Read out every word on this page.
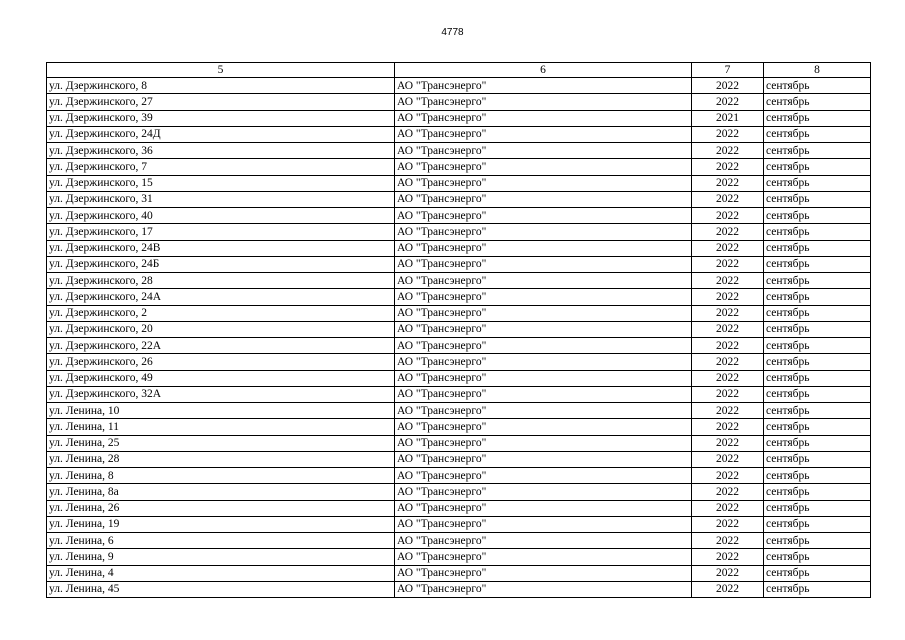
4778
5	6	7	8
ул. Дзержинского, 8	АО "Трансэнерго"	2022	сентябрь
ул. Дзержинского, 27	АО "Трансэнерго"	2022	сентябрь
ул. Дзержинского, 39	АО "Трансэнерго"	2021	сентябрь
ул. Дзержинского, 24Д	АО "Трансэнерго"	2022	сентябрь
ул. Дзержинского, 36	АО "Трансэнерго"	2022	сентябрь
ул. Дзержинского, 7	АО "Трансэнерго"	2022	сентябрь
ул. Дзержинского, 15	АО "Трансэнерго"	2022	сентябрь
ул. Дзержинского, 31	АО "Трансэнерго"	2022	сентябрь
ул. Дзержинского, 40	АО "Трансэнерго"	2022	сентябрь
ул. Дзержинского, 17	АО "Трансэнерго"	2022	сентябрь
ул. Дзержинского, 24В	АО "Трансэнерго"	2022	сентябрь
ул. Дзержинского, 24Б	АО "Трансэнерго"	2022	сентябрь
ул. Дзержинского, 28	АО "Трансэнерго"	2022	сентябрь
ул. Дзержинского, 24А	АО "Трансэнерго"	2022	сентябрь
ул. Дзержинского, 2	АО "Трансэнерго"	2022	сентябрь
ул. Дзержинского, 20	АО "Трансэнерго"	2022	сентябрь
ул. Дзержинского, 22А	АО "Трансэнерго"	2022	сентябрь
ул. Дзержинского, 26	АО "Трансэнерго"	2022	сентябрь
ул. Дзержинского, 49	АО "Трансэнерго"	2022	сентябрь
ул. Дзержинского, 32А	АО "Трансэнерго"	2022	сентябрь
ул. Ленина, 10	АО "Трансэнерго"	2022	сентябрь
ул. Ленина, 11	АО "Трансэнерго"	2022	сентябрь
ул. Ленина, 25	АО "Трансэнерго"	2022	сентябрь
ул. Ленина, 28	АО "Трансэнерго"	2022	сентябрь
ул. Ленина, 8	АО "Трансэнерго"	2022	сентябрь
ул. Ленина, 8а	АО "Трансэнерго"	2022	сентябрь
ул. Ленина, 26	АО "Трансэнерго"	2022	сентябрь
ул. Ленина, 19	АО "Трансэнерго"	2022	сентябрь
ул. Ленина, 6	АО "Трансэнерго"	2022	сентябрь
ул. Ленина, 9	АО "Трансэнерго"	2022	сентябрь
ул. Ленина, 4	АО "Трансэнерго"	2022	сентябрь
ул. Ленина, 45	АО "Трансэнерго"	2022	сентябрь
